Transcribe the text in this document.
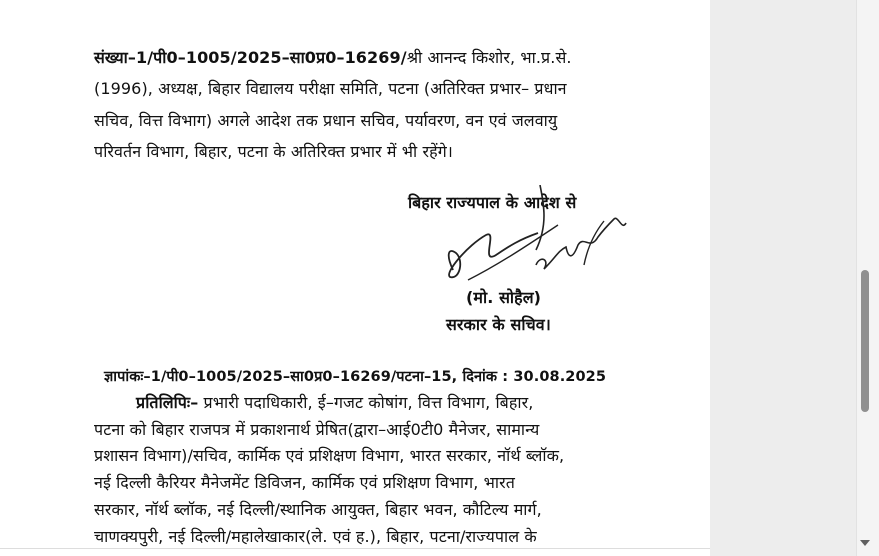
संख्या–1/पी0–1005/2025–सा0प्र0–16269/श्री आनन्द किशोर, भा.प्र.से.
(1996), अध्यक्ष, बिहार विद्यालय परीक्षा समिति, पटना (अतिरिक्त प्रभार– प्रधान
सचिव, वित्त विभाग) अगले आदेश तक प्रधान सचिव, पर्यावरण, वन एवं जलवायु
परिवर्तन विभाग, बिहार, पटना के अतिरिक्त प्रभार में भी रहेंगे।
बिहार राज्यपाल के आदेश से
(मो. सोहैल)
सरकार के सचिव।
ज्ञापांकः–1/पी0–1005/2025–सा0प्र0–16269/पटना–15, दिनांक : 30.08.2025
प्रतिलिपिः– प्रभारी पदाधिकारी, ई–गजट कोषांग, वित्त विभाग, बिहार,
पटना को बिहार राजपत्र में प्रकाशनार्थ प्रेषित(द्वारा–आई0टी0 मैनेजर, सामान्य
प्रशासन विभाग)/सचिव, कार्मिक एवं प्रशिक्षण विभाग, भारत सरकार, नॉर्थ ब्लॉक,
नई दिल्ली कैरियर मैनेजमेंट डिविजन, कार्मिक एवं प्रशिक्षण विभाग, भारत
सरकार, नॉर्थ ब्लॉक, नई दिल्ली/स्थानिक आयुक्त, बिहार भवन, कौटिल्य मार्ग,
चाणक्यपुरी, नई दिल्ली/महालेखाकार(ले. एवं ह.), बिहार, पटना/राज्यपाल के
